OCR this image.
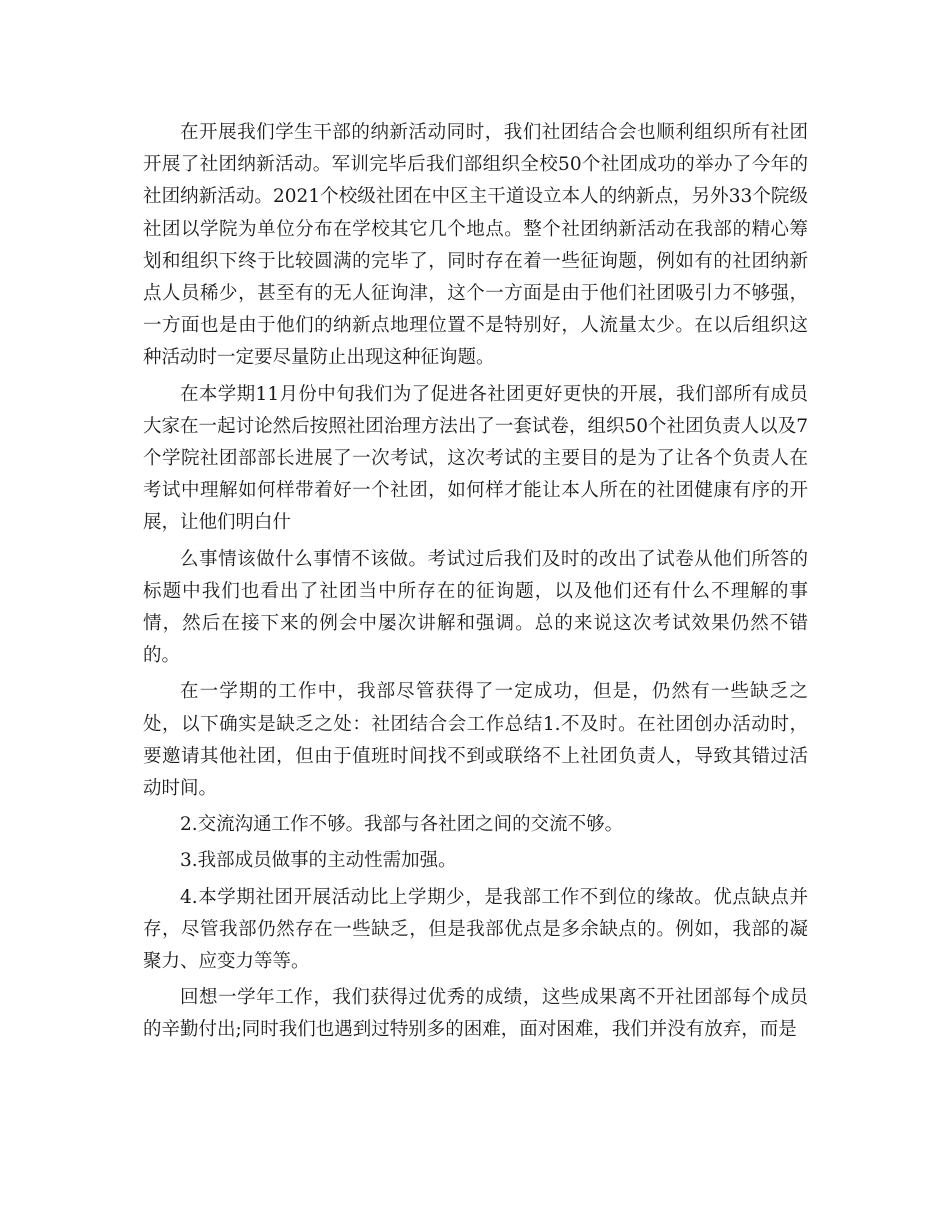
在开展我们学生干部的纳新活动同时，我们社团结合会也顺利组织所有社团开展了社团纳新活动。军训完毕后我们部组织全校50个社团成功的举办了今年的社团纳新活动。2021个校级社团在中区主干道设立本人的纳新点，另外33个院级社团以学院为单位分布在学校其它几个地点。整个社团纳新活动在我部的精心筹划和组织下终于比较圆满的完毕了，同时存在着一些征询题，例如有的社团纳新点人员稀少，甚至有的无人征询津，这个一方面是由于他们社团吸引力不够强，一方面也是由于他们的纳新点地理位置不是特别好，人流量太少。在以后组织这种活动时一定要尽量防止出现这种征询题。

在本学期11月份中旬我们为了促进各社团更好更快的开展，我们部所有成员大家在一起讨论然后按照社团治理方法出了一套试卷，组织50个社团负责人以及7个学院社团部部长进展了一次考试，这次考试的主要目的是为了让各个负责人在考试中理解如何样带着好一个社团，如何样才能让本人所在的社团健康有序的开展，让他们明白什

么事情该做什么事情不该做。考试过后我们及时的改出了试卷从他们所答的标题中我们也看出了社团当中所存在的征询题，以及他们还有什么不理解的事情，然后在接下来的例会中屡次讲解和强调。总的来说这次考试效果仍然不错的。

在一学期的工作中，我部尽管获得了一定成功，但是，仍然有一些缺乏之处，以下确实是缺乏之处：社团结合会工作总结1.不及时。在社团创办活动时，要邀请其他社团，但由于值班时间找不到或联络不上社团负责人，导致其错过活动时间。

2.交流沟通工作不够。我部与各社团之间的交流不够。

3.我部成员做事的主动性需加强。

4.本学期社团开展活动比上学期少，是我部工作不到位的缘故。优点缺点并存，尽管我部仍然存在一些缺乏，但是我部优点是多余缺点的。例如，我部的凝聚力、应变力等等。

回想一学年工作，我们获得过优秀的成绩，这些成果离不开社团部每个成员的辛勤付出;同时我们也遇到过特别多的困难，面对困难，我们并没有放弃，而是
